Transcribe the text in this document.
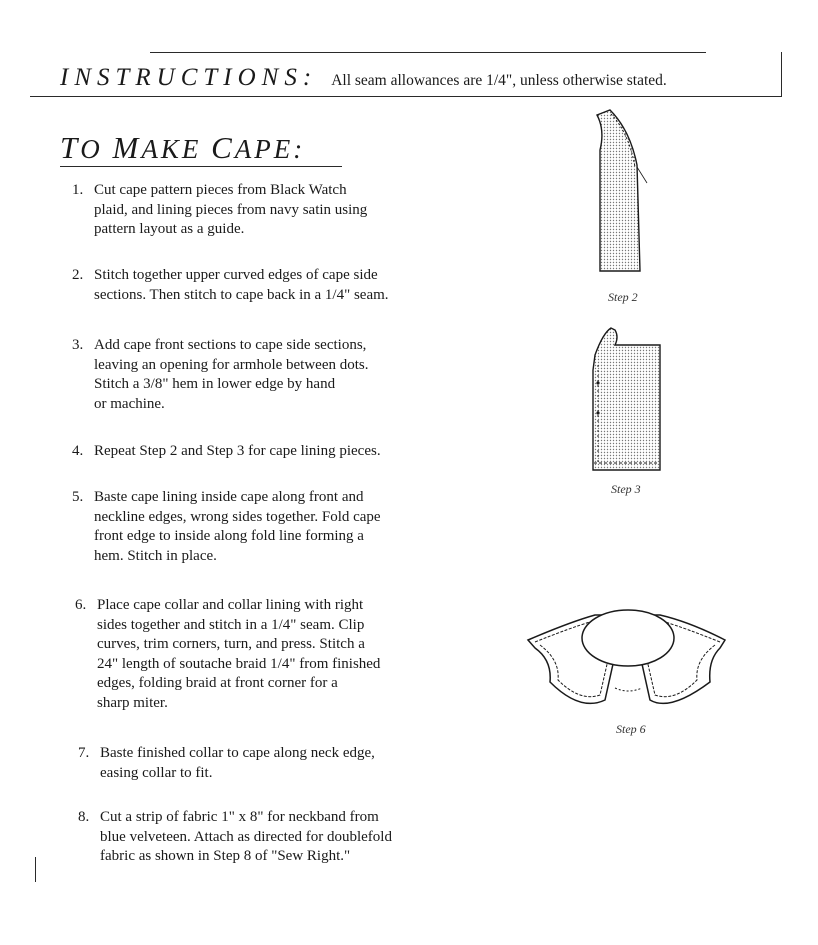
INSTRUCTIONS: All seam allowances are 1/4", unless otherwise stated.
TO MAKE CAPE:
1. Cut cape pattern pieces from Black Watch
plaid, and lining pieces from navy satin using
pattern layout as a guide.
2. Stitch together upper curved edges of cape side
sections. Then stitch to cape back in a 1/4" seam.
3. Add cape front sections to cape side sections,
leaving an opening for armhole between dots.
Stitch a 3/8" hem in lower edge by hand
or machine.
4. Repeat Step 2 and Step 3 for cape lining pieces.
5. Baste cape lining inside cape along front and
neckline edges, wrong sides together. Fold cape
front edge to inside along fold line forming a
hem. Stitch in place.
6. Place cape collar and collar lining with right
sides together and stitch in a 1/4" seam. Clip
curves, trim corners, turn, and press. Stitch a
24" length of soutache braid 1/4" from finished
edges, folding braid at front corner for a
sharp miter.
7. Baste finished collar to cape along neck edge,
easing collar to fit.
8. Cut a strip of fabric 1" x 8" for neckband from
blue velveteen. Attach as directed for doublefold
fabric as shown in Step 8 of "Sew Right."
Step 2
Step 3
Step 6
